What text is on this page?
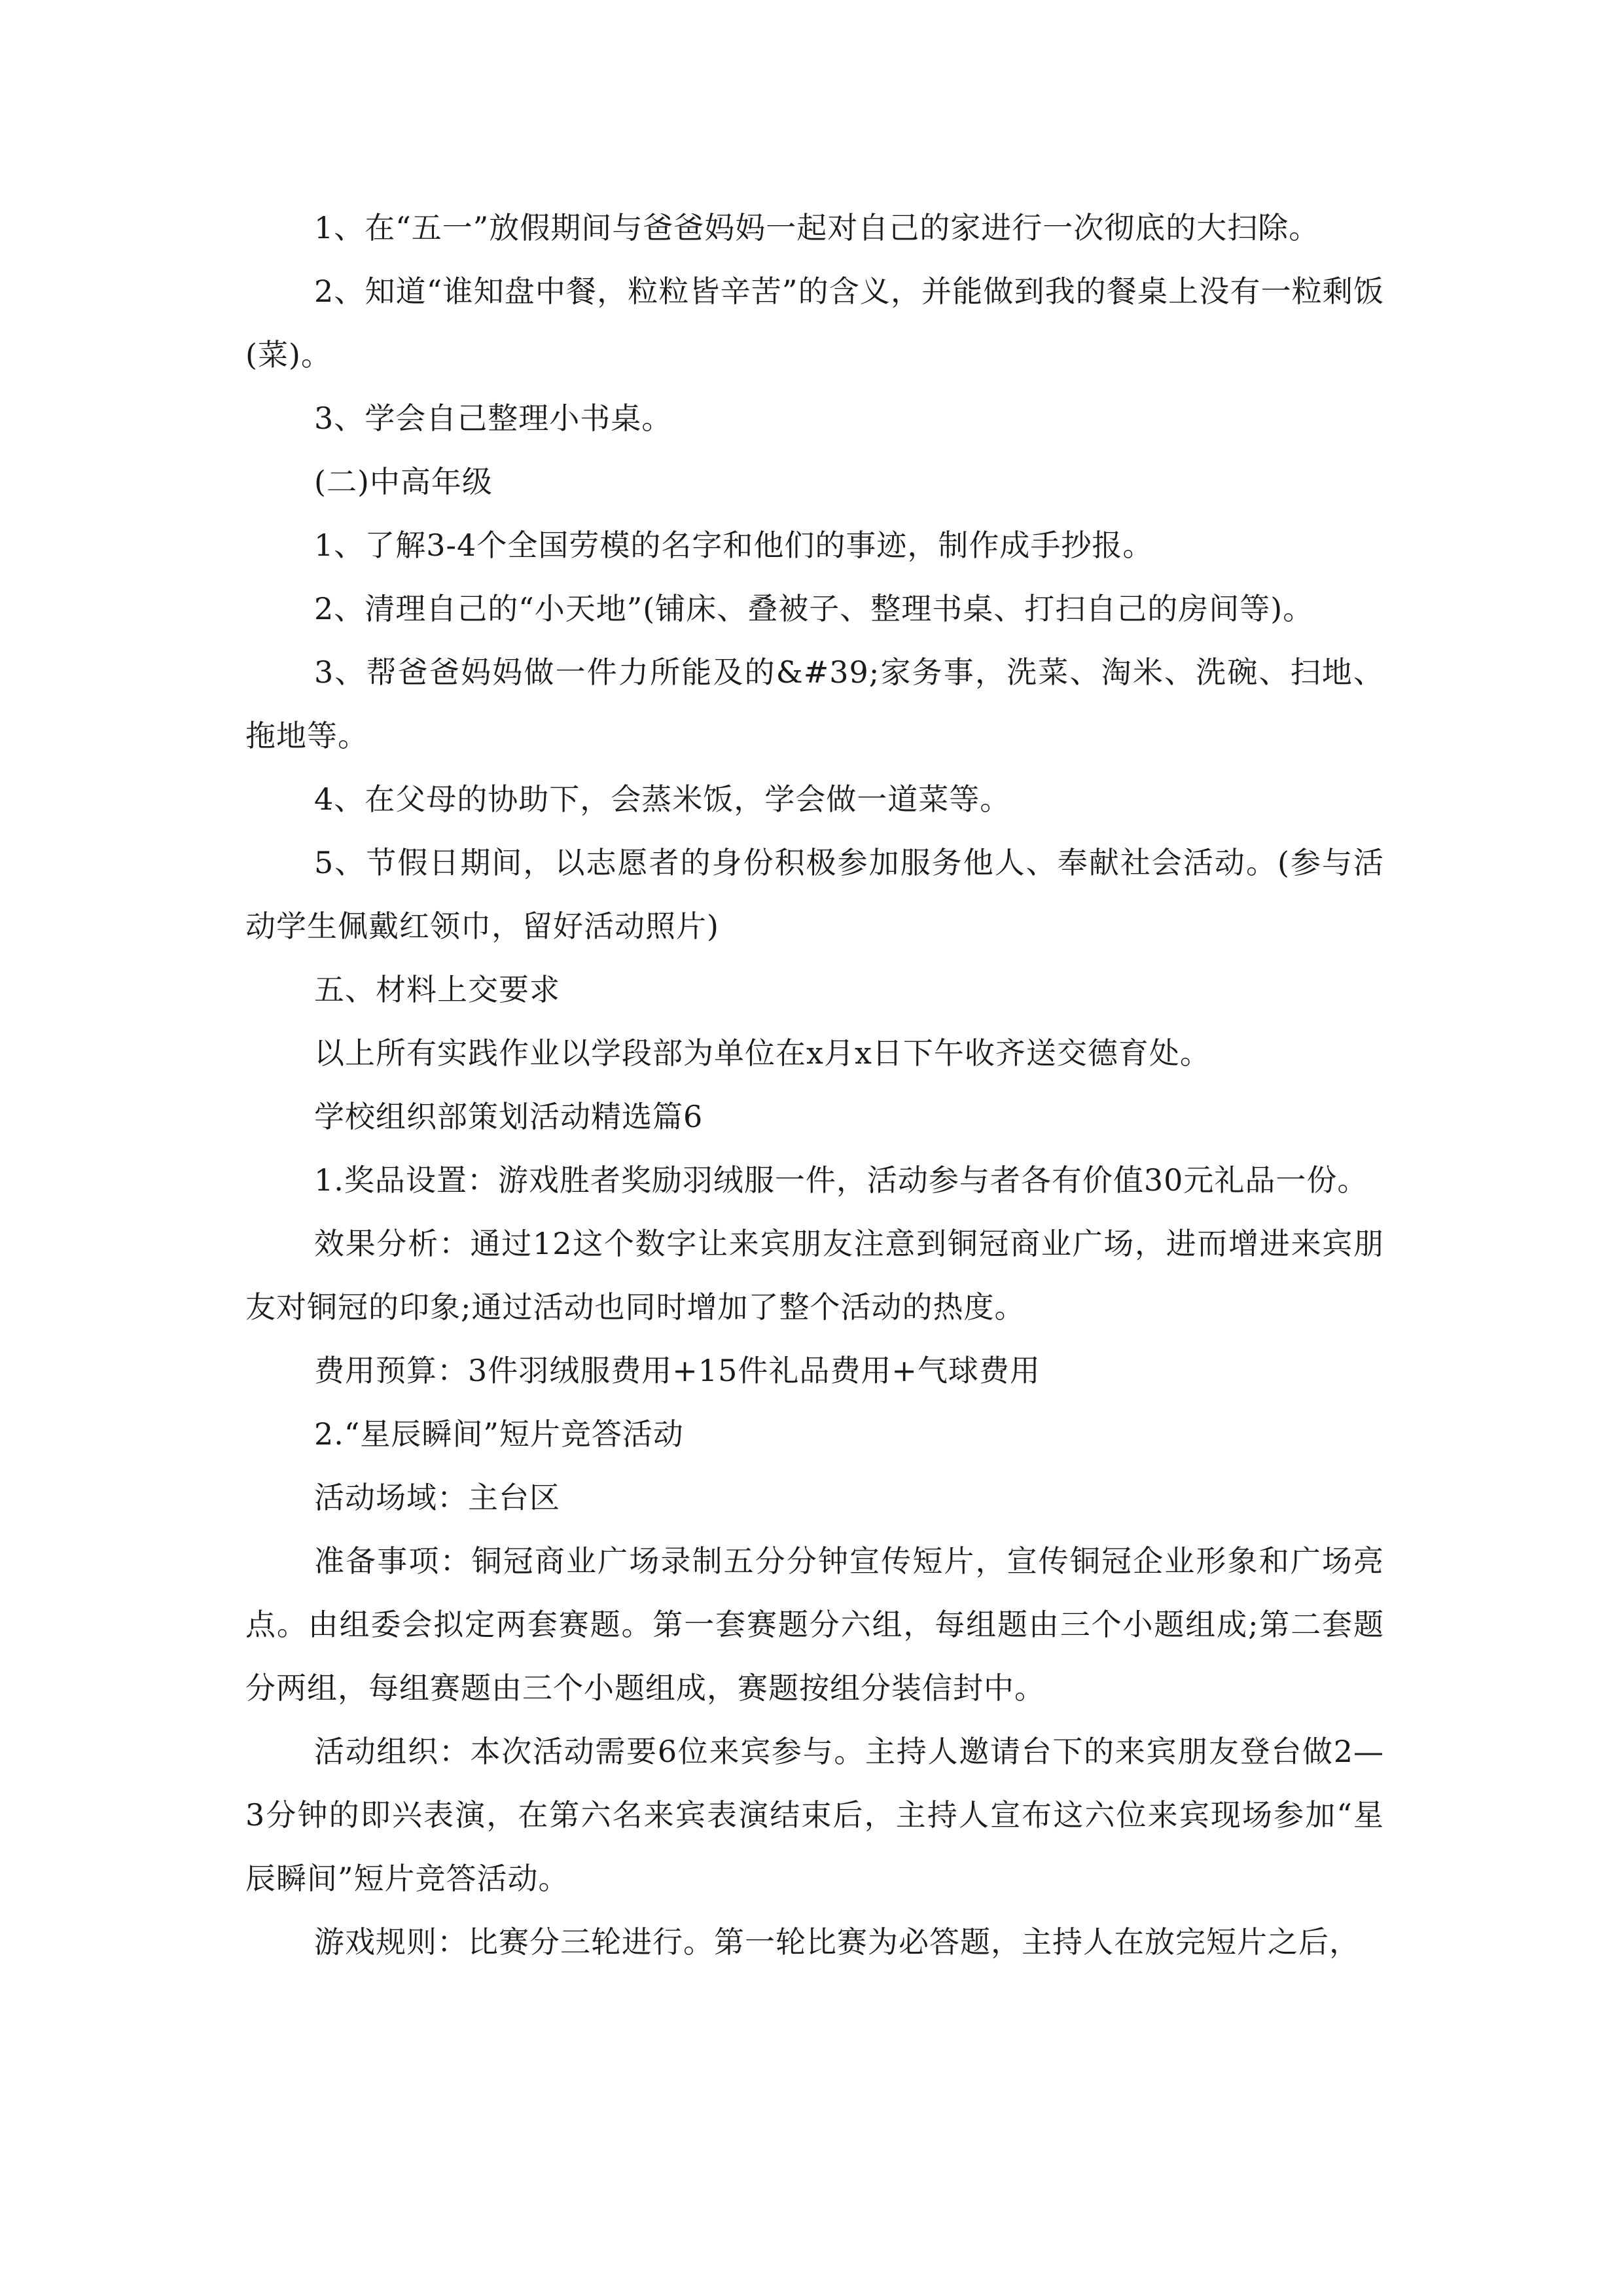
1、在“五一”放假期间与爸爸妈妈一起对自己的家进行一次彻底的大扫除。

2、知道“谁知盘中餐，粒粒皆辛苦”的含义，并能做到我的餐桌上没有一粒剩饭(菜)。

3、学会自己整理小书桌。

(二)中高年级

1、了解3-4个全国劳模的名字和他们的事迹，制作成手抄报。

2、清理自己的“小天地”(铺床、叠被子、整理书桌、打扫自己的房间等)。

3、帮爸爸妈妈做一件力所能及的&#39;家务事，洗菜、淘米、洗碗、扫地、拖地等。

4、在父母的协助下，会蒸米饭，学会做一道菜等。

5、节假日期间，以志愿者的身份积极参加服务他人、奉献社会活动。(参与活动学生佩戴红领巾，留好活动照片)

五、材料上交要求

以上所有实践作业以学段部为单位在x月x日下午收齐送交德育处。

学校组织部策划活动精选篇6

1.奖品设置：游戏胜者奖励羽绒服一件，活动参与者各有价值30元礼品一份。

效果分析：通过12这个数字让来宾朋友注意到铜冠商业广场，进而增进来宾朋友对铜冠的印象;通过活动也同时增加了整个活动的热度。

费用预算：3件羽绒服费用+15件礼品费用+气球费用

2.“星辰瞬间”短片竞答活动

活动场域：主台区

准备事项：铜冠商业广场录制五分分钟宣传短片，宣传铜冠企业形象和广场亮点。由组委会拟定两套赛题。第一套赛题分六组，每组题由三个小题组成;第二套题分两组，每组赛题由三个小题组成，赛题按组分装信封中。

活动组织：本次活动需要6位来宾参与。主持人邀请台下的来宾朋友登台做2—3分钟的即兴表演，在第六名来宾表演结束后，主持人宣布这六位来宾现场参加“星辰瞬间”短片竞答活动。

游戏规则：比赛分三轮进行。第一轮比赛为必答题，主持人在放完短片之后，
